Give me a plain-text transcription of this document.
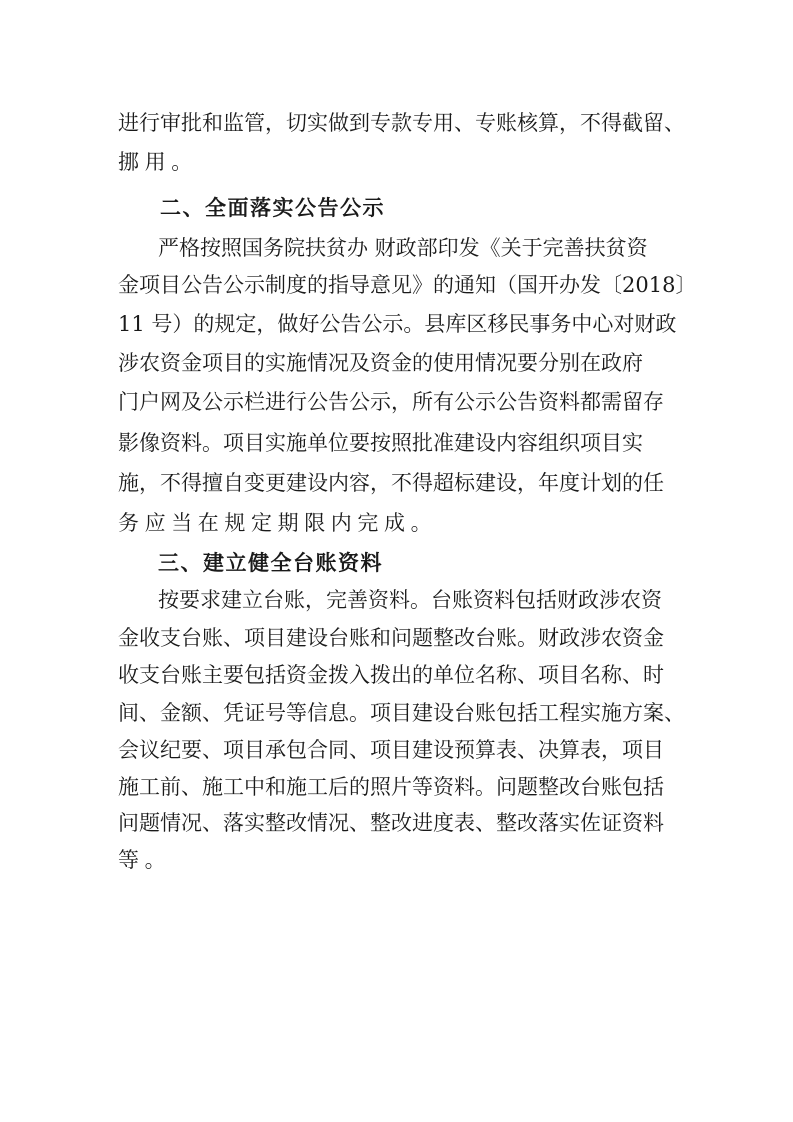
进行审批和监管，切实做到专款专用、专账核算，不得截留、
挪用。
二、全面落实公告公示
严格按照国务院扶贫办 财政部印发《关于完善扶贫资
金项目公告公示制度的指导意见》的通知（国开办发〔2018〕
11 号）的规定，做好公告公示。县库区移民事务中心对财政
涉农资金项目的实施情况及资金的使用情况要分别在政府
门户网及公示栏进行公告公示，所有公示公告资料都需留存
影像资料。项目实施单位要按照批准建设内容组织项目实
施，不得擅自变更建设内容，不得超标建设，年度计划的任
务应当在规定期限内完成。
三、建立健全台账资料
按要求建立台账，完善资料。台账资料包括财政涉农资
金收支台账、项目建设台账和问题整改台账。财政涉农资金
收支台账主要包括资金拨入拨出的单位名称、项目名称、时
间、金额、凭证号等信息。项目建设台账包括工程实施方案、
会议纪要、项目承包合同、项目建设预算表、决算表，项目
施工前、施工中和施工后的照片等资料。问题整改台账包括
问题情况、落实整改情况、整改进度表、整改落实佐证资料
等。
